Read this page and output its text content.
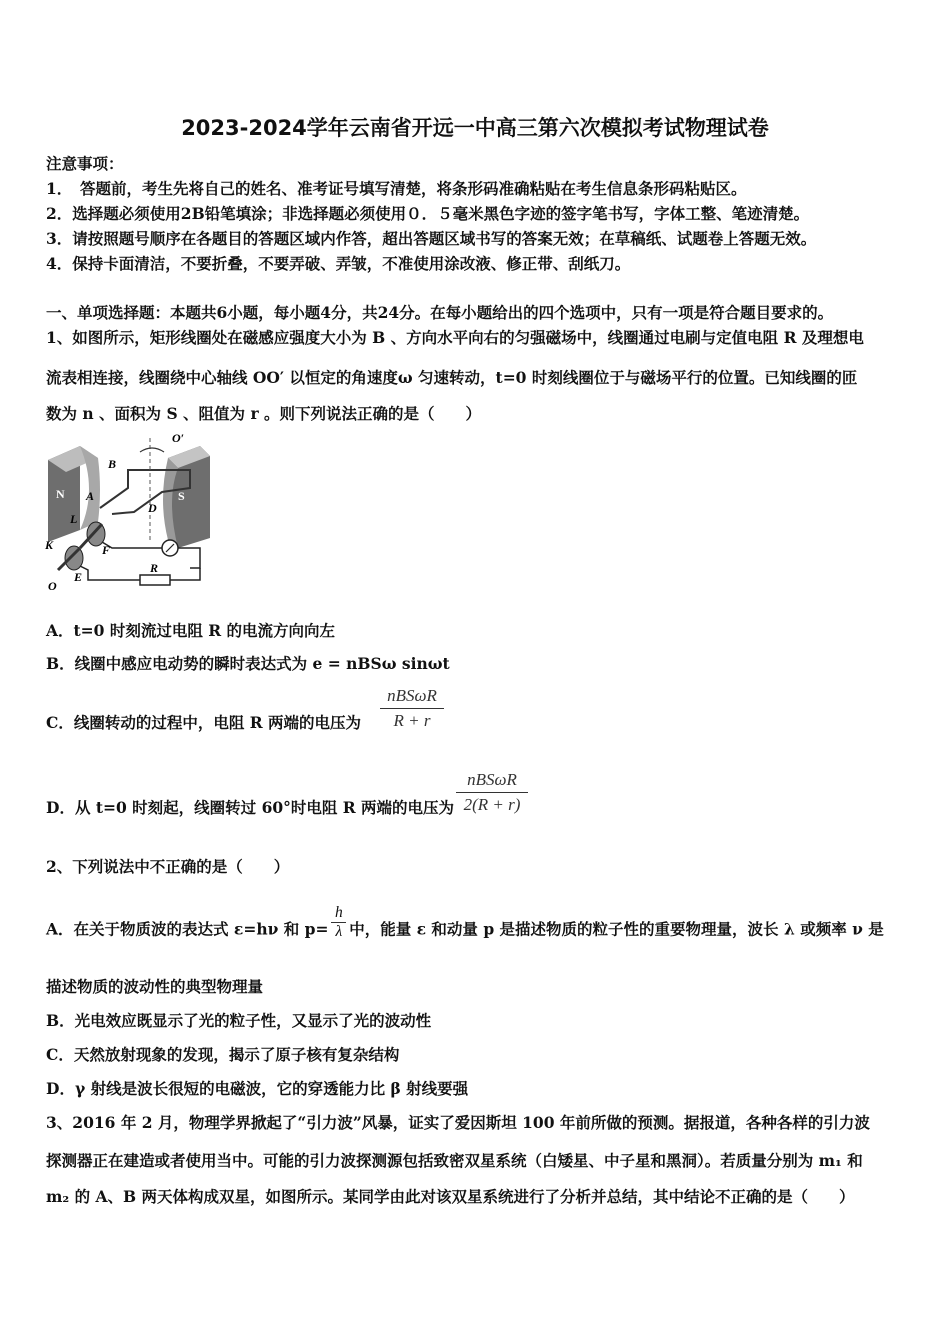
2023-2024学年云南省开远一中高三第六次模拟考试物理试卷
注意事项：
1．　答题前，考生先将自己的姓名、准考证号填写清楚，将条形码准确粘贴在考生信息条形码粘贴区。
2．选择题必须使用2B铅笔填涂；非选择题必须使用０．５毫米黑色字迹的签字笔书写，字体工整、笔迹清楚。
3．请按照题号顺序在各题目的答题区域内作答，超出答题区域书写的答案无效；在草稿纸、试题卷上答题无效。
4．保持卡面清洁，不要折叠，不要弄破、弄皱，不准使用涂改液、修正带、刮纸刀。
一、单项选择题：本题共6小题，每小题4分，共24分。在每小题给出的四个选项中，只有一项是符合题目要求的。
1、如图所示，矩形线圈处在磁感应强度大小为 B 、方向水平向右的匀强磁场中，线圈通过电刷与定值电阻 R 及理想电
流表相连接，线圈绕中心轴线 OO′ 以恒定的角速度ω 匀速转动，t=0 时刻线圈位于与磁场平行的位置。已知线圈的匝
数为 n 、面积为 S 、阻值为 r 。则下列说法正确的是（　　）
O′
B
N	S
A
D
L
K	F
O
E
R
A．t=0 时刻流过电阻 R 的电流方向向左
B．线圈中感应电动势的瞬时表达式为 e = nBSω sinωt
C．线圈转动的过程中，电阻 R 两端的电压为
nBSωR
R + r
D．从 t=0 时刻起，线圈转过 60°时电阻 R 两端的电压为
nBSωR
2(R + r)
2、下列说法中不正确的是（　　）
A．在关于物质波的表达式 ε=hν 和 $p= \frac{h}{\lambda}$ 中，能量 ε 和动量 p 是描述物质的粒子性的重要物理量，波长 λ 或频率 ν 是
描述物质的波动性的典型物理量
B．光电效应既显示了光的粒子性，又显示了光的波动性
C．天然放射现象的发现，揭示了原子核有复杂结构
D．γ 射线是波长很短的电磁波，它的穿透能力比 β 射线要强
3、2016 年 2 月，物理学界掀起了“引力波”风暴，证实了爱因斯坦 100 年前所做的预测。据报道，各种各样的引力波
探测器正在建造或者使用当中。可能的引力波探测源包括致密双星系统（白矮星、中子星和黑洞）。若质量分别为 m₁ 和
m₂ 的 A、B 两天体构成双星，如图所示。某同学由此对该双星系统进行了分析并总结，其中结论不正确的是（　　）
